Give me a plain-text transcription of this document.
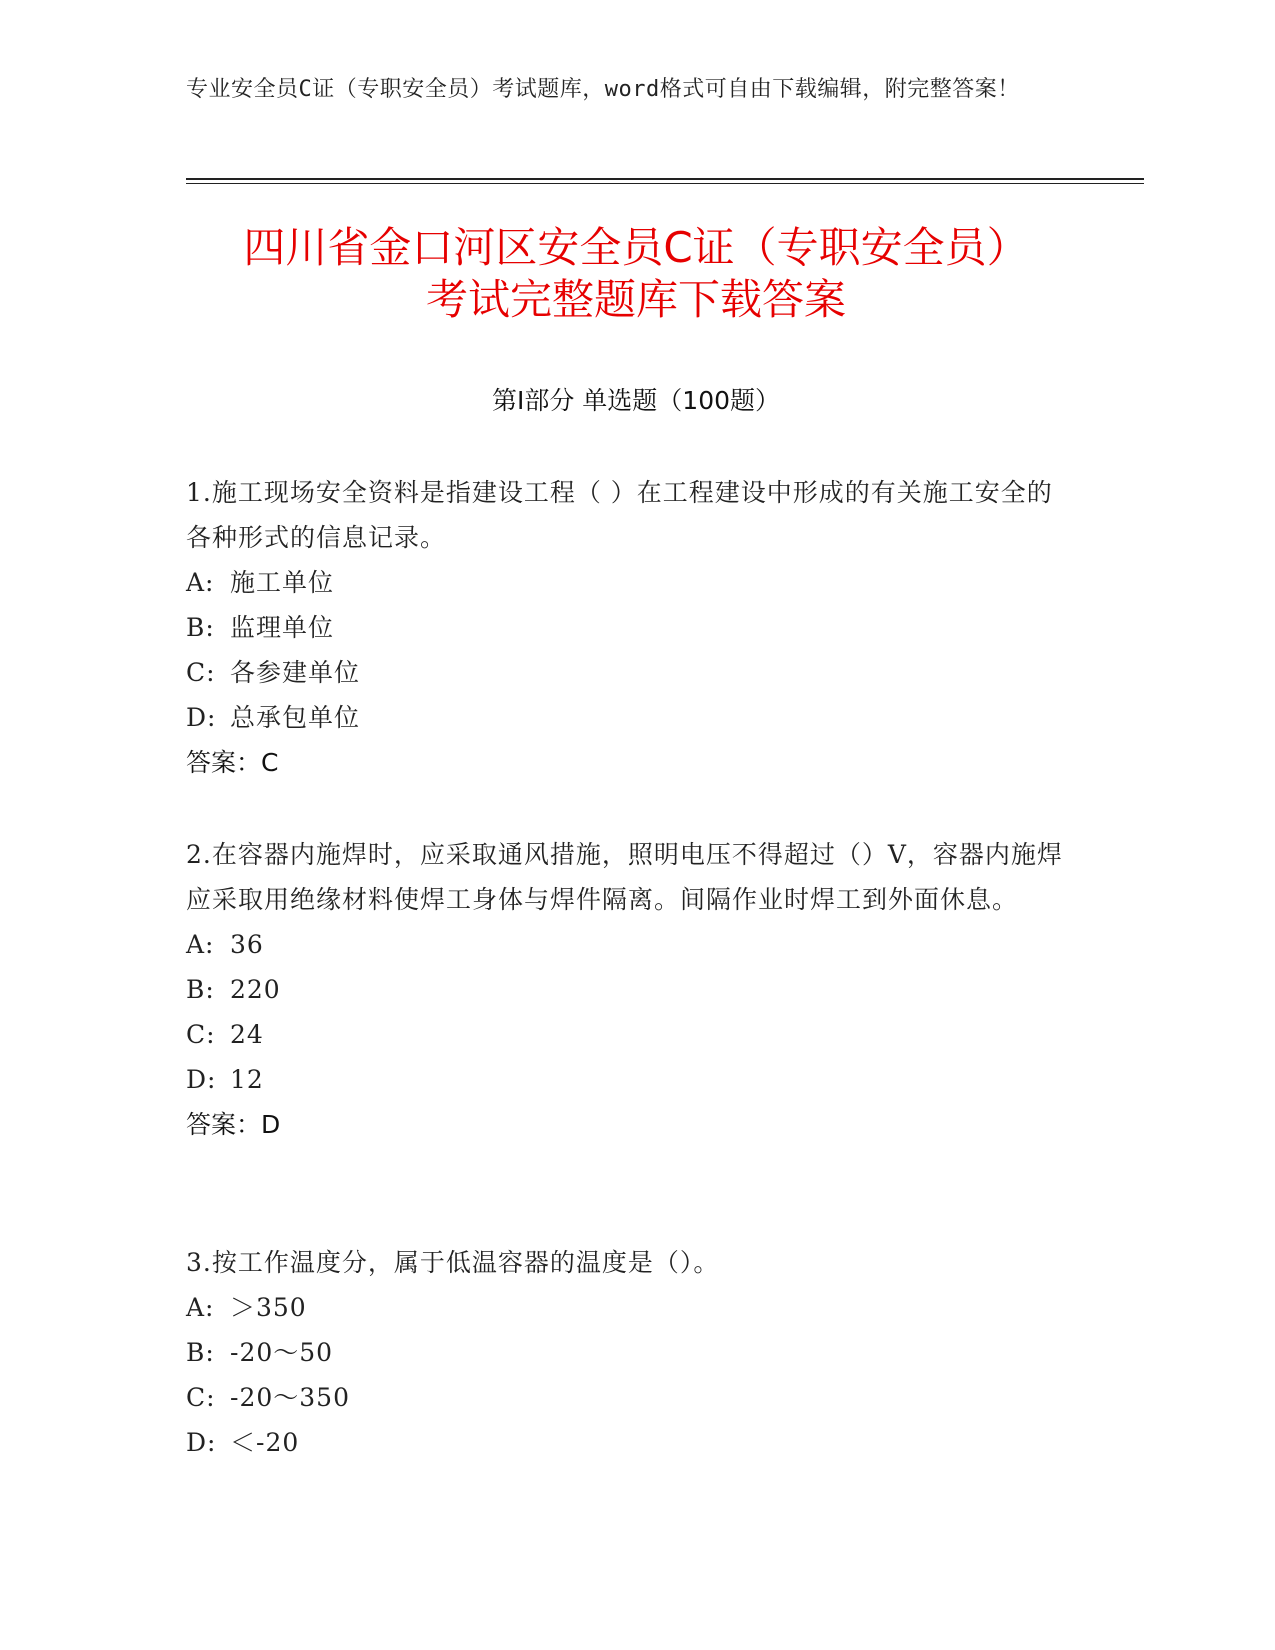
专业安全员C证（专职安全员）考试题库，word格式可自由下载编辑，附完整答案！
四川省金口河区安全员C证（专职安全员）
考试完整题库下载答案
第Ⅰ部分 单选题（100题）

1.施工现场安全资料是指建设工程（ ）在工程建设中形成的有关施工安全的各种形式的信息记录。

A: 施工单位

B: 监理单位

C: 各参建单位

D: 总承包单位

答案：C

2.在容器内施焊时，应采取通风措施，照明电压不得超过（）V，容器内施焊应采取用绝缘材料使焊工身体与焊件隔离。间隔作业时焊工到外面休息。

A: 36

B: 220

C: 24

D: 12

答案：D

3.按工作温度分，属于低温容器的温度是（）。

A: ＞350

B: -20～50

C: -20～350

D: ＜-20
